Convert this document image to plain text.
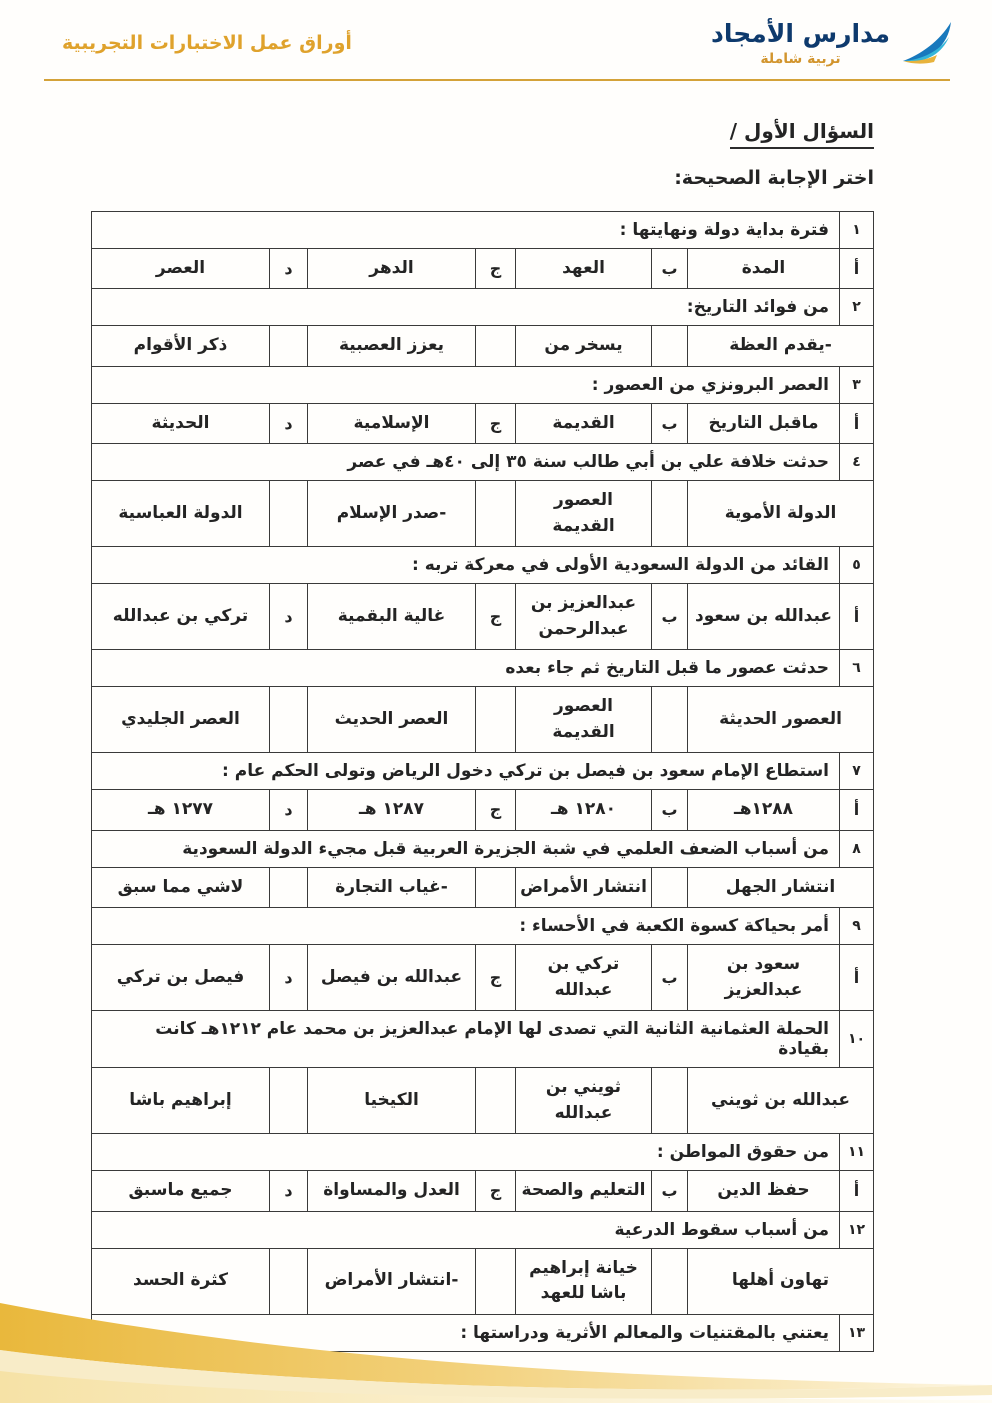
مدارس الأمجاد
تربية شاملة
أوراق عمل الاختبارات التجريبية
السؤال الأول /
اختر الإجابة الصحيحة:
١	فترة بداية دولة ونهايتها :						
أ	المدة	ب	العهد	ج	الدهر	د	العصر
٢	من فوائد التاريخ:						
-يقدم العظة			يسخر من		يعزز العصبية		ذكر الأقوام
٣	العصر البرونزي من العصور :						
أ	ماقبل التاريخ	ب	القديمة	ج	الإسلامية	د	الحديثة
٤	حدثت خلافة علي بن أبي طالب سنة ٣٥ إلى ٤٠هـ في عصر						
الدولة الأموية			العصور القديمة		-صدر الإسلام		الدولة العباسية
٥	القائد من الدولة السعودية الأولى في معركة تربه :						
أ	عبدالله بن سعود	ب	عبدالعزيز بن عبدالرحمن	ج	غالية البقمية	د	تركي بن عبدالله
٦	حدثت عصور ما قبل التاريخ ثم جاء بعده						
العصور الحديثة			العصور القديمة		العصر الحديث		العصر الجليدي
٧	استطاع الإمام سعود بن فيصل بن تركي دخول الرياض وتولى الحكم عام :						
أ	١٢٨٨هـ	ب	١٢٨٠ هـ	ج	١٢٨٧ هـ	د	١٢٧٧ هـ
٨	من أسباب الضعف العلمي في شبة الجزيرة العربية قبل مجيء الدولة السعودية						
انتشار الجهل			انتشار الأمراض		-غياب التجارة		لاشي مما سبق
٩	أمر بحياكة كسوة الكعبة في الأحساء :						
أ	سعود بن عبدالعزيز	ب	تركي بن عبدالله	ج	عبدالله بن فيصل	د	فيصل بن تركي
١٠	الحملة العثمانية الثانية التي تصدى لها الإمام عبدالعزيز بن محمد عام ١٢١٢هـ كانت بقيادة						
عبدالله بن ثويني			ثويني بن عبدالله		الكيخيا		إبراهيم باشا
١١	من حقوق المواطن :						
أ	حفظ الدين	ب	التعليم والصحة	ج	العدل والمساواة	د	جميع ماسبق
١٢	من أسباب سقوط الدرعية						
تهاون أهلها			خيانة إبراهيم باشا للعهد		-انتشار الأمراض		كثرة الحسد
١٣	يعتني بالمقتنيات والمعالم الأثرية ودراستها :						
